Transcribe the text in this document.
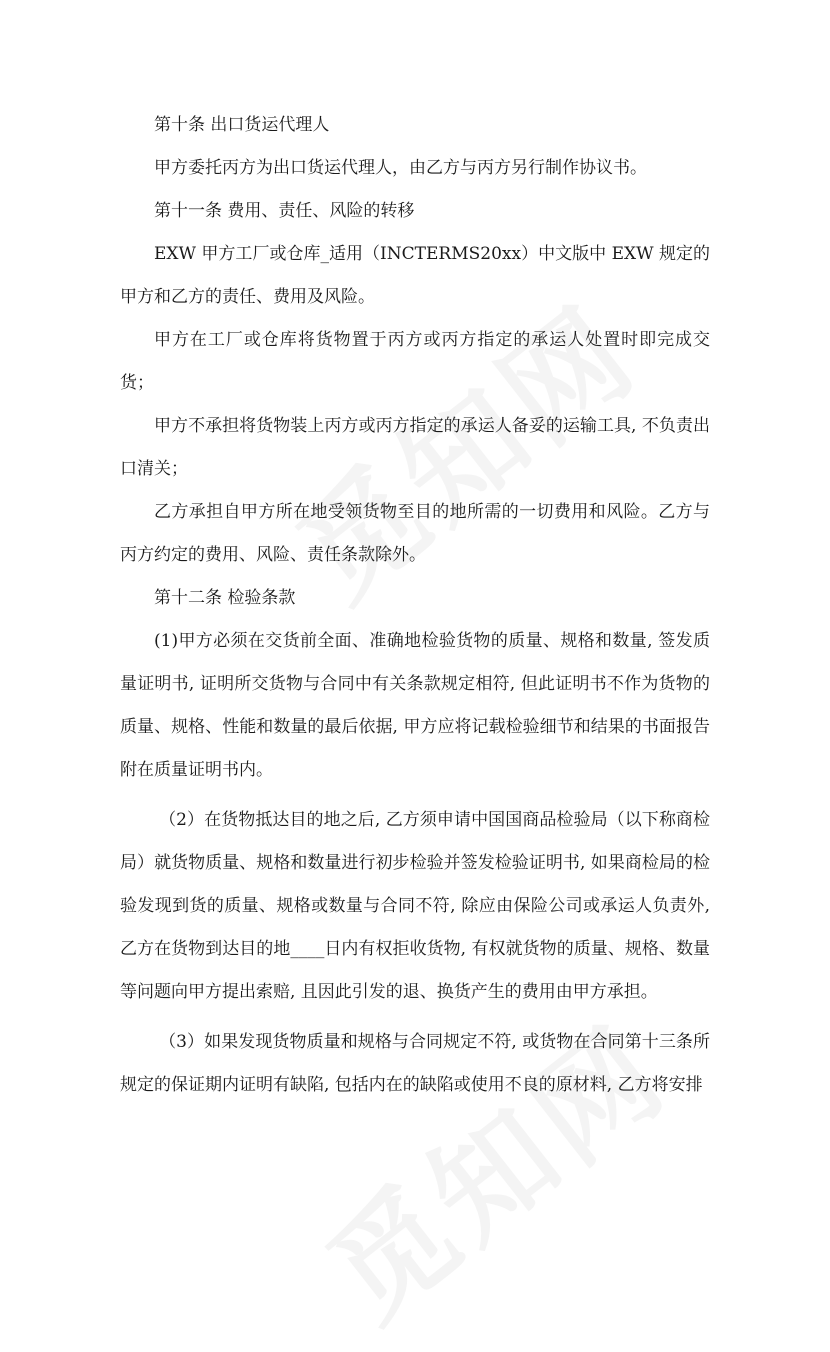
第十条 出口货运代理人

甲方委托丙方为出口货运代理人，由乙方与丙方另行制作协议书。

第十一条 费用、责任、风险的转移

EXW 甲方工厂或仓库_适用（INCTERMS20xx）中文版中 EXW 规定的甲方和乙方的责任、费用及风险。

甲方在工厂或仓库将货物置于丙方或丙方指定的承运人处置时即完成交货；

甲方不承担将货物装上丙方或丙方指定的承运人备妥的运输工具, 不负责出口清关；

乙方承担自甲方所在地受领货物至目的地所需的一切费用和风险。乙方与丙方约定的费用、风险、责任条款除外。

第十二条 检验条款

(1)甲方必须在交货前全面、准确地检验货物的质量、规格和数量, 签发质量证明书, 证明所交货物与合同中有关条款规定相符, 但此证明书不作为货物的质量、规格、性能和数量的最后依据, 甲方应将记载检验细节和结果的书面报告附在质量证明书内。

（2）在货物抵达目的地之后, 乙方须申请中国国商品检验局（以下称商检局）就货物质量、规格和数量进行初步检验并签发检验证明书, 如果商检局的检验发现到货的质量、规格或数量与合同不符, 除应由保险公司或承运人负责外, 乙方在货物到达目的地____日内有权拒收货物, 有权就货物的质量、规格、数量等问题向甲方提出索赔, 且因此引发的退、换货产生的费用由甲方承担。

（3）如果发现货物质量和规格与合同规定不符, 或货物在合同第十三条所规定的保证期内证明有缺陷, 包括内在的缺陷或使用不良的原材料, 乙方将安排
